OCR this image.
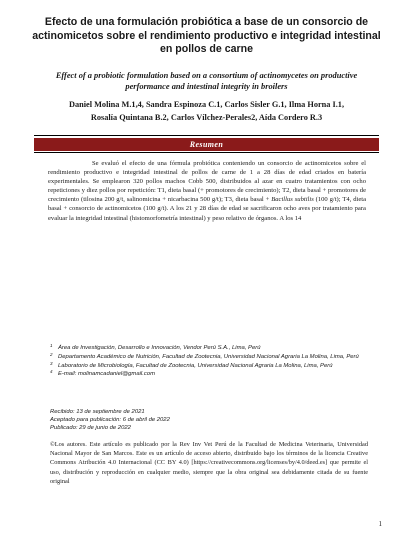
Efecto de una formulación probiótica a base de un consorcio de actinomicetos sobre el rendimiento productivo e integridad intestinal en pollos de carne

Effect of a probiotic formulation based on a consortium of actinomycetes on productive performance and intestinal integrity in broilers

Daniel Molina M.1,4, Sandra Espinoza C.1, Carlos Sisler G.1, Ilma Horna I.1,
Rosalía Quintana B.2, Carlos Vílchez-Perales2, Aída Cordero R.3
Resumen

Se evaluó el efecto de una fórmula probiótica conteniendo un consorcio de actinomicetos sobre el rendimiento productivo e integridad intestinal de pollos de carne de 1 a 28 días de edad criados en batería experimentales. Se emplearon 320 pollos machos Cobb 500, distribuidos al azar en cuatro tratamientos con ocho repeticiones y diez pollos por repetición: T1, dieta basal (+ promotores de crecimiento); T2, dieta basal + promotores de crecimiento (tilosina 200 g/t, salinomicina + nicarbacina 500 g/t); T3, dieta basal + Bacillus subtilis (100 g/t); T4, dieta basal + consorcio de actinomicetos (100 g/t). A los 21 y 28 días de edad se sacrificaron ocho aves por tratamiento para evaluar la integridad intestinal (histomorfometría intestinal) y peso relativo de órganos. A los 14

1 Área de Investigación, Desarrollo e Innovación, Vendor Perú S.A., Lima, Perú
2 Departamento Académico de Nutrición, Facultad de Zootecnia, Universidad Nacional Agraria La Molina, Lima, Perú
3 Laboratorio de Microbiología, Facultad de Zootecnia, Universidad Nacional Agraria La Molina, Lima, Perú
4 E-mail: molinamcadaniel@gmail.com
Recibido: 13 de septiembre de 2021
Aceptado para publicación: 6 de abril de 2022
Publicado: 29 de junio de 2022

©Los autores. Este artículo es publicado por la Rev Inv Vet Perú de la Facultad de Medicina Veterinaria, Universidad Nacional Mayor de San Marcos. Este es un artículo de acceso abierto, distribuido bajo los términos de la licencia Creative Commons Atribución 4.0 Internacional (CC BY 4.0) [https://creativecommons.org/licenses/by/4.0/deed.es] que permite el uso, distribución y reproducción en cualquier medio, siempre que la obra original sea debidamente citada de su fuente original

1
